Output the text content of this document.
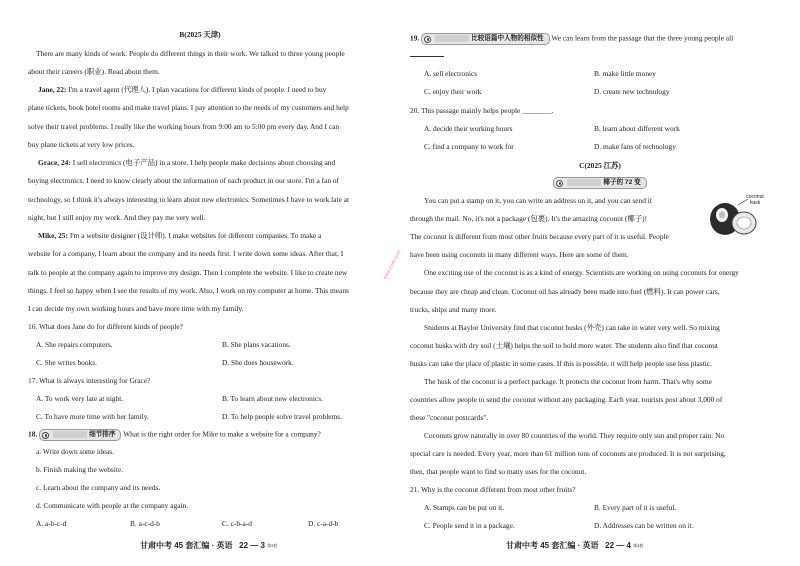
B(2025 天津)
There are many kinds of work. People do different things in their work. We talked to three young people
about their careers (职业). Read about them.
Jane, 22: I'm a travel agent (代理人). I plan vacations for different kinds of people. I need to buy
plane tickets, book hotel rooms and make travel plans. I pay attention to the needs of my customers and help
solve their travel problems. I really like the working hours from 9:00 am to 5:00 pm every day. And I can
buy plane tickets at very low prices.
Grace, 24: I sell electronics (电子产品) in a store. I help people make decisions about choosing and
buying electronics. I need to know clearly about the information of each product in our store. I'm a fan of
technology, so I think it's always interesting to learn about new electronics. Sometimes I have to work late at
night, but I still enjoy my work. And they pay me very well.
Mike, 25: I'm a website designer (设计师). I make websites for different companies. To make a
website for a company, I learn about the company and its needs first. I write down some ideas. After that, I
talk to people at the company again to improve my design. Then I complete the website. I like to create new
things. I feel so happy when I see the results of my work. Also, I work on my computer at home. This means
I can decide my own working hours and have more time with my family.
16. What does Jane do for different kinds of people?
A. She repairs computers.	B. She plans vacations.
C. She writes books.	D. She does housework.
17. What is always interesting for Grace?
A. To work very late at night.	B. To learn about new electronics.
C. To have more time with her family.	D. To help people solve travel problems.
18.	细节排序 What is the right order for Mike to make a website for a company?
a. Write down some ideas.
b. Finish making the website.
c. Learn about the company and its needs.
d. Communicate with people at the company again.
A. a-b-c-d	B. a-c-d-b	C. c-b-a-d	D. c-a-d-b
甘肃中考 45 套汇编 · 英语 22 — 3 第3套
www.zxxk.com
19.	比较语篇中人物的相似性 We can learn from the passage that the three young people all
A. sell electronics	B. make little money
C. enjoy their work	D. create new technology
20. This passage mainly helps people ________.
A. decide their working hours	B. learn about different work
C. find a company to work for	D. make fans of technology
C(2025 江苏)
椰子的 72 变
coconut husk
You can put a stamp on it, you can write an address on it, and you can send it
through the mail. No, it's not a package (包裹). It's the amazing coconut (椰子)!
The coconut is different from most other fruits because every part of it is useful. People
have been using coconuts in many different ways. Here are some of them.
One exciting use of the coconut is as a kind of energy. Scientists are working on using coconuts for energy
because they are cheap and clean. Coconut oil has already been made into fuel (燃料). It can power cars,
trucks, ships and many more.
Students at Baylor University find that coconut husks (外壳) can take in water very well. So mixing
coconut husks with dry soil (土壤) helps the soil to hold more water. The students also find that coconut
husks can take the place of plastic in some cases. If this is possible, it will help people use less plastic.
The husk of the coconut is a perfect package. It protects the coconut from harm. That's why some
countries allow people to send the coconut without any packaging. Each year, tourists post about 3,000 of
these "coconut postcards".
Coconuts grow naturally in over 80 countries of the world. They require only sun and proper rain. No
special care is needed. Every year, more than 61 million tons of coconuts are produced. It is not surprising,
then, that people want to find so many uses for the coconut.
21. Why is the coconut different from most other fruits?
A. Stamps can be put on it.	B. Every part of it is useful.
C. People send it in a package.	D. Addresses can be written on it.
甘肃中考 45 套汇编 · 英语 22 — 4 第3套
